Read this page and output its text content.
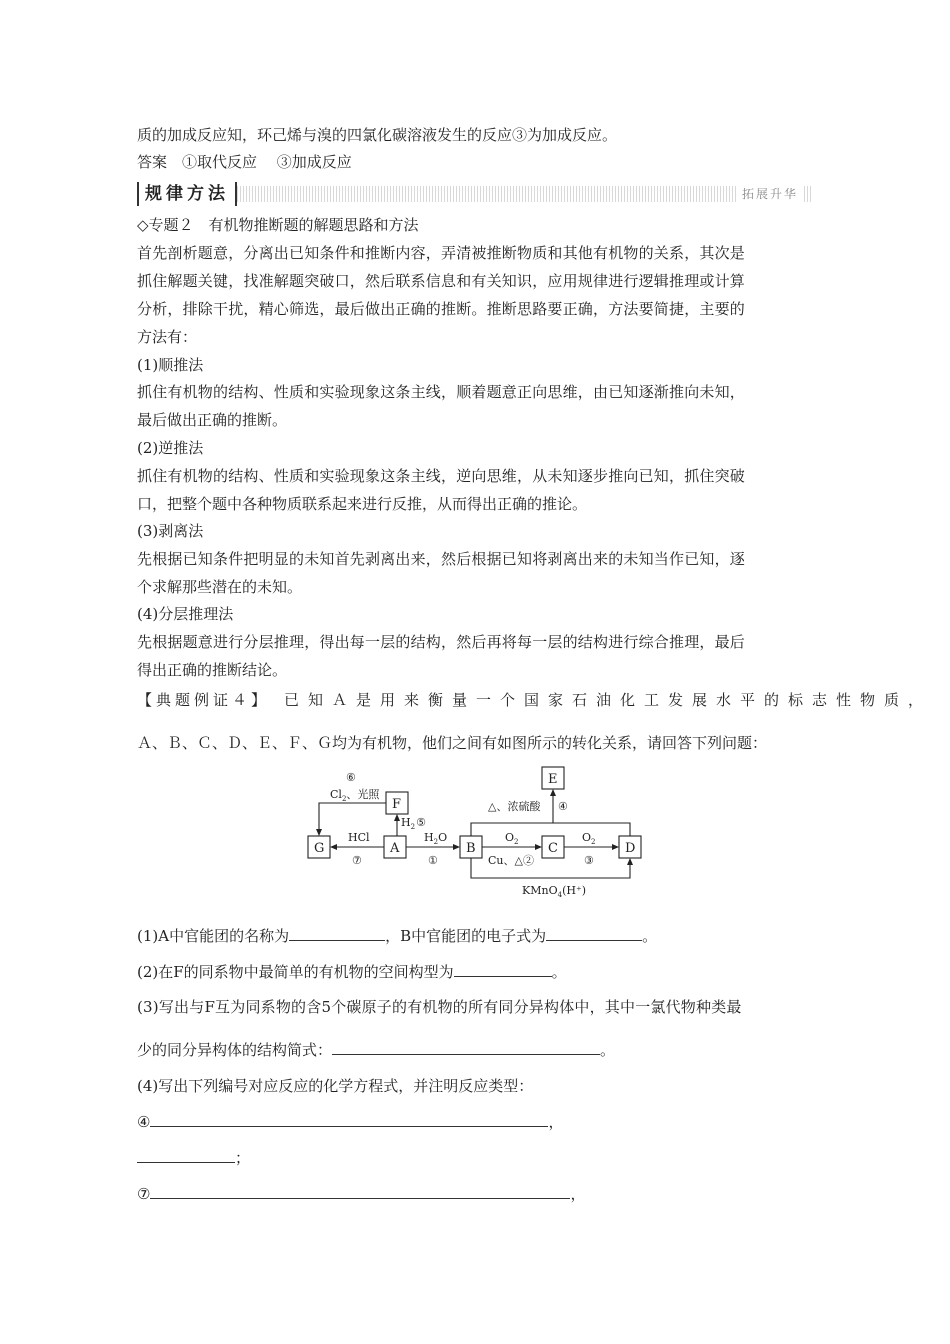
质的加成反应知，环己烯与溴的四氯化碳溶液发生的反应③为加成反应。
答案　①取代反应　 ③加成反应
规律方法	拓展升华
◇专题２　有机物推断题的解题思路和方法
首先剖析题意，分离出已知条件和推断内容，弄清被推断物质和其他有机物的关系，其次是
抓住解题关键，找准解题突破口，然后联系信息和有关知识，应用规律进行逻辑推理或计算
分析，排除干扰，精心筛选，最后做出正确的推断。推断思路要正确，方法要简捷，主要的
方法有：
(1)顺推法
抓住有机物的结构、性质和实验现象这条主线，顺着题意正向思维，由已知逐渐推向未知，
最后做出正确的推断。
(2)逆推法
抓住有机物的结构、性质和实验现象这条主线，逆向思维，从未知逐步推向已知，抓住突破
口，把整个题中各种物质联系起来进行反推，从而得出正确的推论。
(3)剥离法
先根据已知条件把明显的未知首先剥离出来，然后根据已知将剥离出来的未知当作已知，逐
个求解那些潜在的未知。
(4)分层推理法
先根据题意进行分层推理，得出每一层的结构，然后再将每一层的结构进行综合推理，最后
得出正确的推断结论。
【典题例证４】 已知Ａ是用来衡量一个国家石油化工发展水平的标志性物质，
Ａ、Ｂ、Ｃ、Ｄ、Ｅ、Ｆ、Ｇ均为有机物，他们之间有如图所示的转化关系，请回答下列问题：
E
F
G	A	B	C	D
⑥
$Cl_2$、光照
$H_2⑤$
HCl
⑦
$H_2O$
①
$O_2$
Cu、△②
$O_2$
③
△、浓硫酸 ④
KMnO$_4$(H⁺)
(1)A中官能团的名称为	，B中官能团的电子式为	。
(2)在F的同系物中最简单的有机物的空间构型为	。
(3)写出与F互为同系物的含5个碳原子的有机物的所有同分异构体中，其中一氯代物种类最
少的同分异构体的结构简式：	。
(4)写出下列编号对应反应的化学方程式，并注明反应类型：
④	，
；
⑦	，
